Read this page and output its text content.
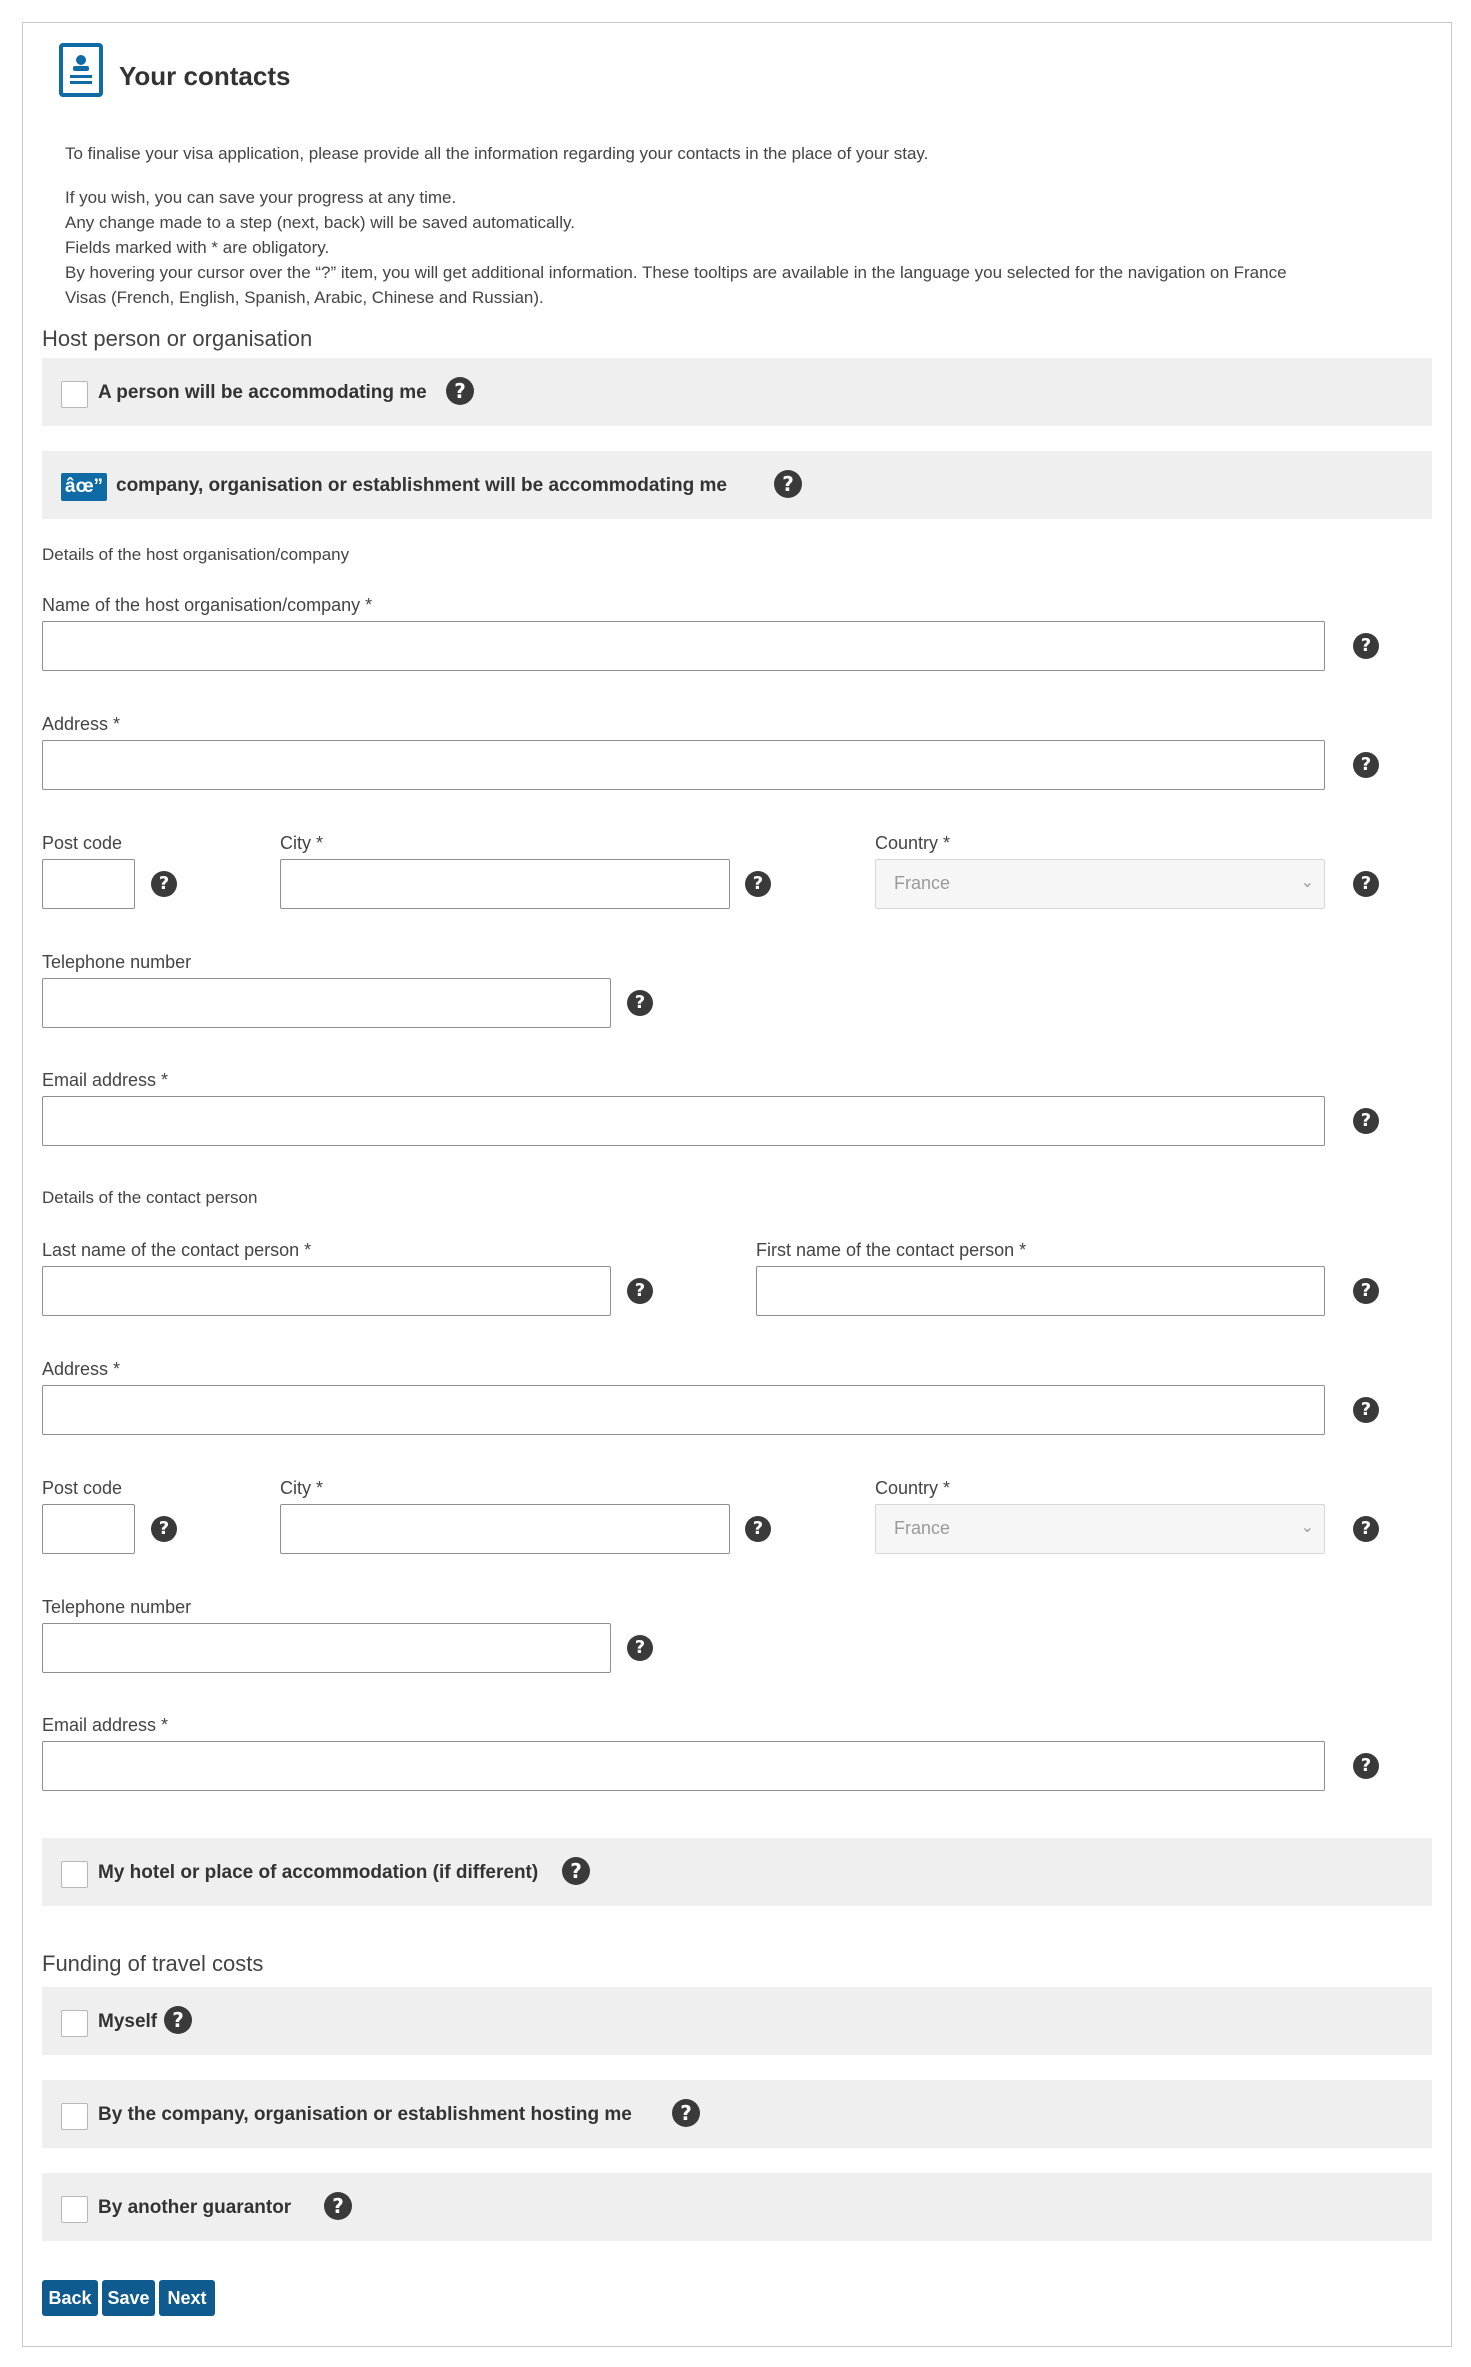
Your contacts
To finalise your visa application, please provide all the information regarding your contacts in the place of your stay.
If you wish, you can save your progress at any time.
Any change made to a step (next, back) will be saved automatically.
Fields marked with * are obligatory.
By hovering your cursor over the “?” item, you will get additional information. These tooltips are available in the language you selected for the navigation on France
Visas (French, English, Spanish, Arabic, Chinese and Russian).
Host person or organisation
A person will be accommodating me	?
âœ” company, organisation or establishment will be accommodating me	?
Details of the host organisation/company
Name of the host organisation/company *
?
Address *
?
Post code
?
City *
?
Country *
France	⌄	?
Telephone number
?
Email address *
?
Details of the contact person
Last name of the contact person *
?
First name of the contact person *
?
Address *
?
Post code
?
City *
?
Country *
France	⌄	?
Telephone number
?
Email address *
?
My hotel or place of accommodation (if different)	?
Funding of travel costs
Myself ?
By the company, organisation or establishment hosting me	?
By another guarantor	?
Back Save Next
